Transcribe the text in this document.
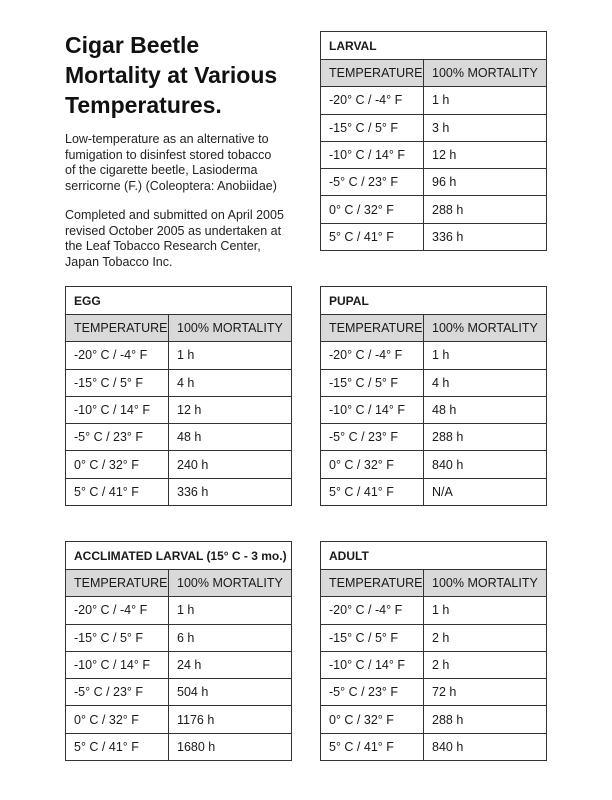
Cigar Beetle
Mortality at Various
Temperatures.

Low-temperature as an alternative to
fumigation to disinfest stored tobacco
of the cigarette beetle, Lasioderma
serricorne (F.) (Coleoptera: Anobiidae)

Completed and submitted on April 2005
revised October 2005 as undertaken at
the Leaf Tobacco Research Center,
Japan Tobacco Inc.

LARVAL	
TEMPERATURE	100% MORTALITY
-20° C / -4° F	1 h
-15° C / 5° F	3 h
-10° C / 14° F	12 h
-5° C / 23° F	96 h
0° C / 32° F	288 h
5° C / 41° F	336 h
EGG	
TEMPERATURE	100% MORTALITY
-20° C / -4° F	1 h
-15° C / 5° F	4 h
-10° C / 14° F	12 h
-5° C / 23° F	48 h
0° C / 32° F	240 h
5° C / 41° F	336 h
PUPAL	
TEMPERATURE	100% MORTALITY
-20° C / -4° F	1 h
-15° C / 5° F	4 h
-10° C / 14° F	48 h
-5° C / 23° F	288 h
0° C / 32° F	840 h
5° C / 41° F	N/A
ACCLIMATED LARVAL (15° C - 3 mo.)	
TEMPERATURE	100% MORTALITY
-20° C / -4° F	1 h
-15° C / 5° F	6 h
-10° C / 14° F	24 h
-5° C / 23° F	504 h
0° C / 32° F	1176 h
5° C / 41° F	1680 h
ADULT	
TEMPERATURE	100% MORTALITY
-20° C / -4° F	1 h
-15° C / 5° F	2 h
-10° C / 14° F	2 h
-5° C / 23° F	72 h
0° C / 32° F	288 h
5° C / 41° F	840 h
